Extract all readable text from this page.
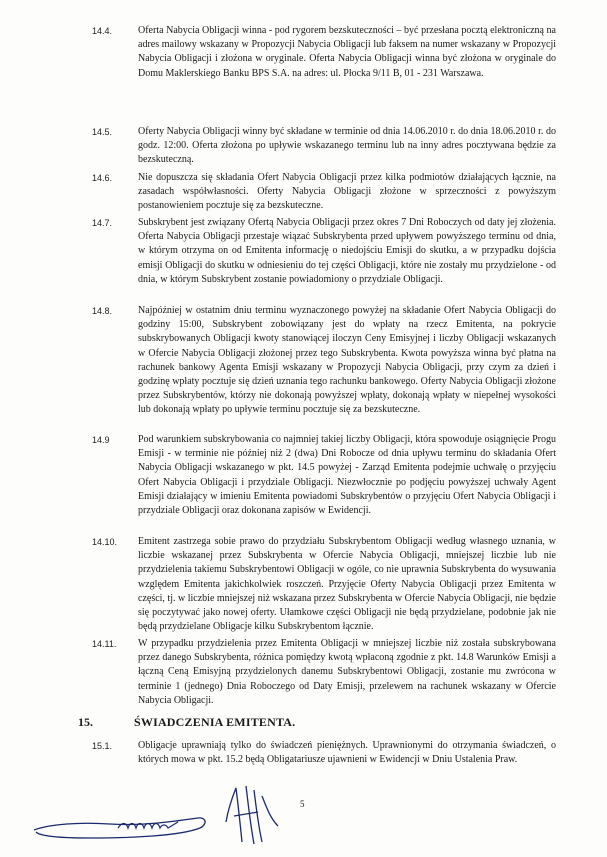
14.4.	Oferta Nabycia Obligacji winna - pod rygorem bezskuteczności – być przesłana pocztą elektroniczną na adres mailowy wskazany w Propozycji Nabycia Obligacji lub faksem na numer wskazany w Propozycji Nabycia Obligacji i złożona w oryginale. Oferta Nabycia Obligacji winna być złożona w oryginale do Domu Maklerskiego Banku BPS S.A. na adres: ul. Płocka 9/11 B, 01 - 231 Warszawa.
14.5.	Oferty Nabycia Obligacji winny być składane w terminie od dnia 14.06.2010 r. do dnia 18.06.2010 r. do godz. 12:00. Oferta złożona po upływie wskazanego terminu lub na inny adres pocztywana będzie za bezskuteczną.
14.6.	Nie dopuszcza się składania Ofert Nabycia Obligacji przez kilka podmiotów działających łącznie, na zasadach współwłasności. Oferty Nabycia Obligacji złożone w sprzeczności z powyższym postanowieniem pocztuje się za bezskuteczne.
14.7.	Subskrybent jest związany Ofertą Nabycia Obligacji przez okres 7 Dni Roboczych od daty jej złożenia. Oferta Nabycia Obligacji przestaje wiązać Subskrybenta przed upływem powyższego terminu od dnia, w którym otrzyma on od Emitenta informację o niedojściu Emisji do skutku, a w przypadku dojścia emisji Obligacji do skutku w odniesieniu do tej części Obligacji, które nie zostały mu przydzielone - od dnia, w którym Subskrybent zostanie powiadomiony o przydziale Obligacji.
14.8.	Najpóźniej w ostatnim dniu terminu wyznaczonego powyżej na składanie Ofert Nabycia Obligacji do godziny 15:00, Subskrybent zobowiązany jest do wpłaty na rzecz Emitenta, na pokrycie subskrybowanych Obligacji kwoty stanowiącej iloczyn Ceny Emisyjnej i liczby Obligacji wskazanych w Ofercie Nabycia Obligacji złożonej przez tego Subskrybenta. Kwota powyższa winna być płatna na rachunek bankowy Agenta Emisji wskazany w Propozycji Nabycia Obligacji, przy czym za dzień i godzinę wpłaty pocztuje się dzień uznania tego rachunku bankowego. Oferty Nabycia Obligacji złożone przez Subskrybentów, którzy nie dokonają powyższej wpłaty, dokonają wpłaty w niepełnej wysokości lub dokonają wpłaty po upływie terminu pocztuje się za bezskuteczne.
14.9	Pod warunkiem subskrybowania co najmniej takiej liczby Obligacji, która spowoduje osiągnięcie Progu Emisji - w terminie nie później niż 2 (dwa) Dni Robocze od dnia upływu terminu do składania Ofert Nabycia Obligacji wskazanego w pkt. 14.5 powyżej - Zarząd Emitenta podejmie uchwałę o przyjęciu Ofert Nabycia Obligacji i przydziale Obligacji. Niezwłocznie po podjęciu powyższej uchwały Agent Emisji działający w imieniu Emitenta powiadomi Subskrybentów o przyjęciu Ofert Nabycia Obligacji i przydziale Obligacji oraz dokonana zapisów w Ewidencji.
14.10.	Emitent zastrzega sobie prawo do przydziału Subskrybentom Obligacji według własnego uznania, w liczbie wskazanej przez Subskrybenta w Ofercie Nabycia Obligacji, mniejszej liczbie lub nie przydzielenia takiemu Subskrybentowi Obligacji w ogóle, co nie uprawnia Subskrybenta do wysuwania względem Emitenta jakichkolwiek roszczeń. Przyjęcie Oferty Nabycia Obligacji przez Emitenta w części, tj. w liczbie mniejszej niż wskazana przez Subskrybenta w Ofercie Nabycia Obligacji, nie będzie się poczytywać jako nowej oferty. Ułamkowe części Obligacji nie będą przydzielane, podobnie jak nie będą przydzielane Obligacje kilku Subskrybentom łącznie.
14.11.	W przypadku przydzielenia przez Emitenta Obligacji w mniejszej liczbie niż została subskrybowana przez danego Subskrybenta, różnica pomiędzy kwotą wpłaconą zgodnie z pkt. 14.8 Warunków Emisji a łączną Ceną Emisyjną przydzielonych danemu Subskrybentowi Obligacji, zostanie mu zwrócona w terminie 1 (jednego) Dnia Roboczego od Daty Emisji, przelewem na rachunek wskazany w Ofercie Nabycia Obligacji.
15.	ŚWIADCZENIA EMITENTA.
15.1.	Obligacje uprawniają tylko do świadczeń pieniężnych. Uprawnionymi do otrzymania świadczeń, o których mowa w pkt. 15.2 będą Obligatariusze ujawnieni w Ewidencji w Dniu Ustalenia Praw.
5
